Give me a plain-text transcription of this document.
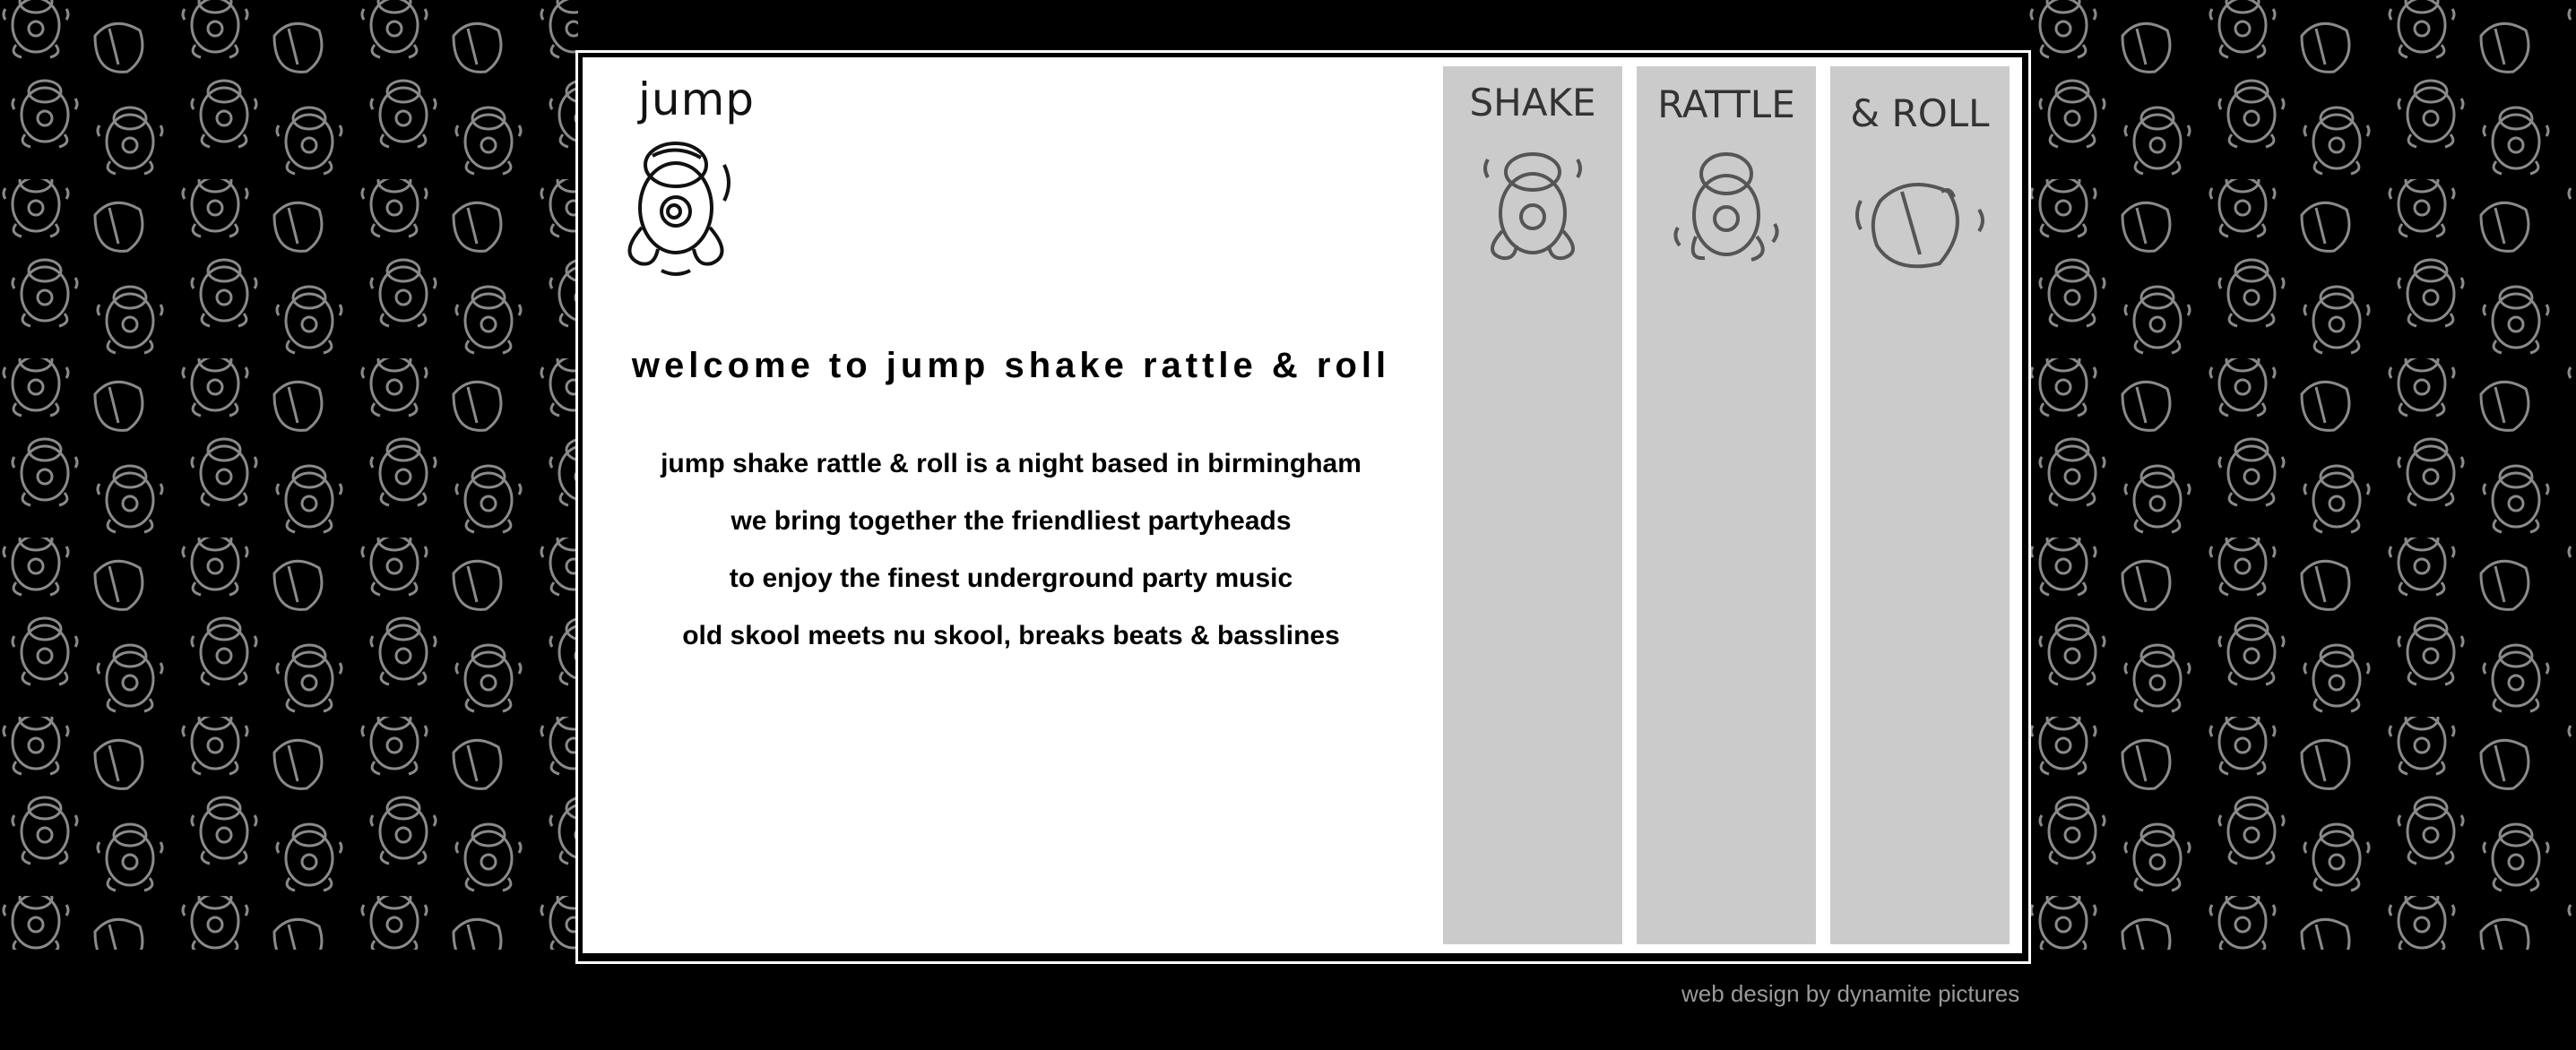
jump
welcome to jump shake rattle & roll

jump shake rattle & roll is a night based in birmingham

we bring together the friendliest partyheads

to enjoy the finest underground party music

old skool meets nu skool, breaks beats & basslines

SHAKE	RATTLE	& ROLL
web design by dynamite pictures
